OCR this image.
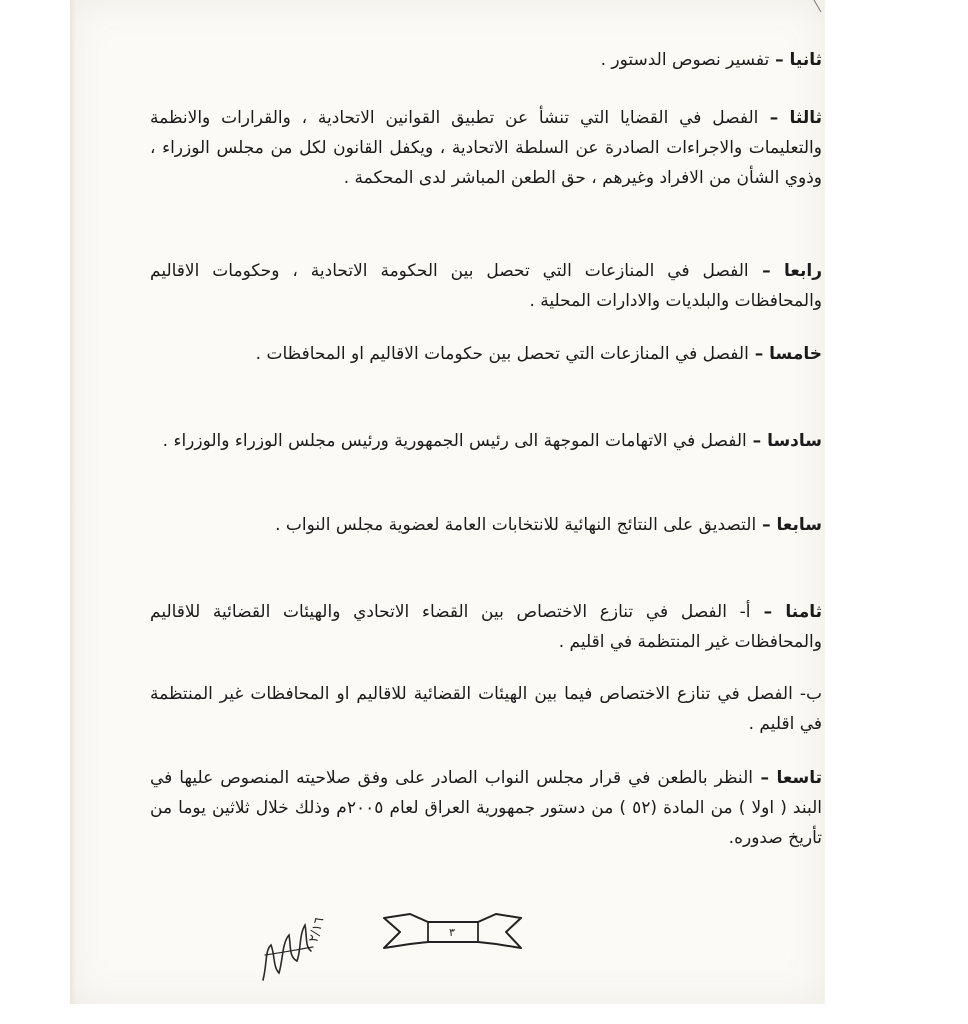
ثانيا – تفسير نصوص الدستور .

ثالثا – الفصل في القضايا التي تنشأ عن تطبيق القوانين الاتحادية ، والقرارات والانظمة والتعليمات والاجراءات الصادرة عن السلطة الاتحادية ، ويكفل القانون لكل من مجلس الوزراء ، وذوي الشأن من الافراد وغيرهم ، حق الطعن المباشر لدى المحكمة .

رابعا – الفصل في المنازعات التي تحصل بين الحكومة الاتحادية ، وحكومات الاقاليم والمحافظات والبلديات والادارات المحلية .

خامسا – الفصل في المنازعات التي تحصل بين حكومات الاقاليم او المحافظات .

سادسا – الفصل في الاتهامات الموجهة الى رئيس الجمهورية ورئيس مجلس الوزراء والوزراء .

سابعا – التصديق على النتائج النهائية للانتخابات العامة لعضوية مجلس النواب .

ثامنا – أ- الفصل في تنازع الاختصاص بين القضاء الاتحادي والهيئات القضائية للاقاليم والمحافظات غير المنتظمة في اقليم .

ب- الفصل في تنازع الاختصاص فيما بين الهيئات القضائية للاقاليم او المحافظات غير المنتظمة في اقليم .

تاسعا – النظر بالطعن في قرار مجلس النواب الصادر على وفق صلاحيته المنصوص عليها في البند ( اولا ) من المادة (٥٢ ) من دستور جمهورية العراق لعام ٢٠٠٥م وذلك خلال ثلاثين يوما من تأريخ صدوره.

٢/١٦	٣
